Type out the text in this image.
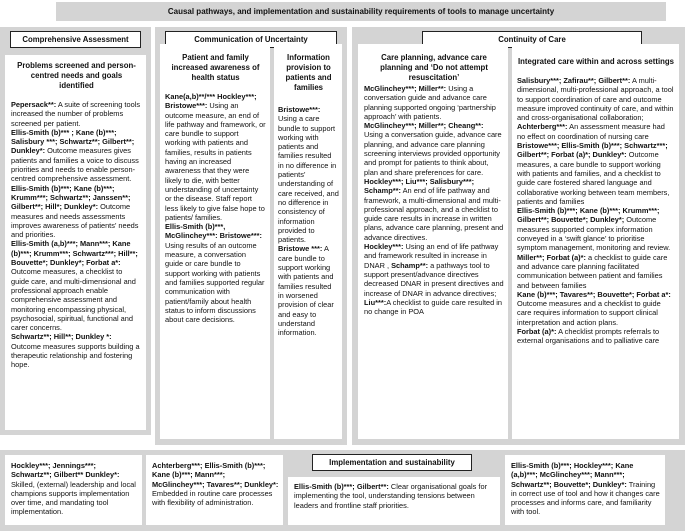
Causal pathways, and implementation and sustainability requirements of tools to manage uncertainty
Comprehensive Assessment
Problems screened and person-centred needs and goals identified
Pepersack**: A suite of screening tools increased the number of problems screened per patient.
Ellis-Smith (b)*** ; Kane (b)***; Salisbury ***; Schwartz**; Gilbert**; Dunkley*: Outcome measures gives patients and families a voice to discuss priorities and needs to enable person-centred comprehensive assessment.
Ellis-Smith (b)***; Kane (b)***; Krumm***; Schwartz**; Janssen**; Gilbert**; Hill*; Dunkley*: Outcome measures and needs assessments improves awareness of patients’ needs and priorities.
Ellis-Smith (a,b)***; Mann***; Kane (b)***; Krumm***; Schwartz***; Hill**; Bouvette*; Dunkley*; Forbat a*: Outcome measures, a checklist to guide care, and multi-dimensional and professional approach enable comprehensive assessment and monitoring encompassing physical, psychosocial, spiritual, functional and carer concerns.
Schwartz**; Hill**; Dunkley *: Outcome measures supports building a therapeutic relationship and fostering hope.
Communication of Uncertainty
Patient and family increased awareness of health status
Kane(a,b)**/*** Hockley***; Bristowe***: Using an outcome measure, an end of life pathway and framework, or care bundle to support working with patients and families, results in patients having an increased awareness that they were likely to die, with better understanding of uncertainty or the disease. Staff report less likely to give false hope to patients/ families.
Ellis-Smith (b)***, McGlinchey***: Bristowe***: Using results of an outcome measure, a conversation guide or care bundle to support working with patients and families supported regular communication with patient/family about health status to inform discussions about care decisions.
Information provision to patients and families
Bristowe***: Using a care bundle to support working with patients and families resulted in no difference in patients’ understanding of care received, and no difference in consistency of information provided to patients.
Bristowe ***: A care bundle to support working with patients and families resulted in worsened provision of clear and easy to understand information.
Continuity of Care
Care planning, advance care planning and ‘Do not attempt resuscitation’
McGlinchey***; Miller**: Using a conversation guide and advance care planning supported ongoing ‘partnership approach’ with patients.
McGlinchey***; Miller**; Cheang**: Using a conversation guide, advance care planning, and advance care planning screening interviews provided opportunity and prompt for patients to think about, plan and share preferences for care.
Hockley***; Liu***; Salisbury***; Schamp**: An end of life pathway and framework, a multi-dimensional and multi-professional approach, and a checklist to guide care results in increase in written plans, advance care planning, present and advance directives.
Hockley***: Using an end of life pathway and framework resulted in increase in DNAR , Schamp**: a pathways tool to support present/advance directives decreased DNAR in present directives and increase of DNAR in advance directives; Liu***:A checklist to guide care resulted in no change in POA
Integrated care within and across settings
Salisbury***; Zafirau**; Gilbert**: A multi-dimensional, multi-professional approach, a tool to support coordination of care and outcome measure improved continuity of care, and within and cross-organisational collaboration; Achterberg***: An assessment measure had no effect on coordination of nursing care
Bristowe***; Ellis-Smith (b)***; Schwartz***; Gilbert**; Forbat (a)*; Dunkley*: Outcome measures, a care bundle to support working with patients and families, and a checklist to guide care fostered shared language and collaborative working between team members, patients and families
Ellis-Smith (b)***; Kane (b)***; Krumm***; Gilbert**; Bouvette*; Dunkley*; Outcome measures supported complex information conveyed in a ‘swift glance’ to prioritise symptom management, monitoring and review.
Miller**; Forbat (a)*: a checklist to guide care and advance care planning facilitated communication between patient and families and between families
Kane (b)***; Tavares**; Bouvette*; Forbat a*: Outcome measures and a checklist to guide care requires information to support clinical interpretation and action plans.
Forbat (a)*: A checklist prompts referrals to external organisations and to palliative care
Hockley***; Jennings***; Schwartz**; Gilbert** Dunkley*: Skilled, (external) leadership and local champions supports implementation over time, and mandating tool implementation.
Achterberg***; Ellis-Smith (b)***; Kane (b)***; Mann***; McGlinchey***; Tavares**; Dunkley*: Embedded in routine care processes with flexibility of administration.
Implementation and sustainability
Ellis-Smith (b)***; Gilbert**: Clear organisational goals for implementing the tool, understanding tensions between leaders and frontline staff priorities.
Ellis-Smith (b)***; Hockley***; Kane (a,b)***; McGlinchey***; Mann***; Schwartz**; Bouvette*; Dunkley*: Training in correct use of tool and how it changes care processes and informs care, and familiarity with tool.
